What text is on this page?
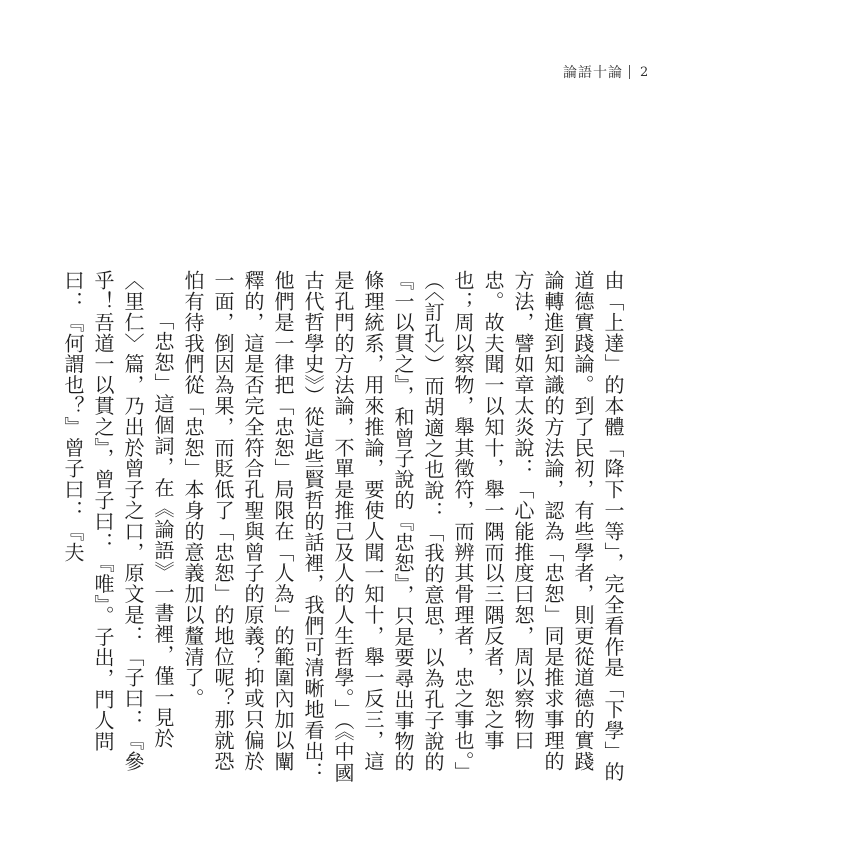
論語十論 2

由「上達」的本體「降下一等」，完全看作是「下學」的道德實踐論。到了民初，有些學者，則更從道德的實踐論轉進到知識的方法論，認為「忠恕」同是推求事理的方法，譬如章太炎說：「心能推度曰恕，周以察物曰忠。故夫聞一以知十，舉一隅而以三隅反者，恕之事也；周以察物，舉其徵符，而辨其骨理者，忠之事也。」（〈訂孔〉）而胡適之也說：「我的意思，以為孔子說的『一以貫之』，和曾子說的『忠恕』，只是要尋出事物的條理統系，用來推論，要使人聞一知十，舉一反三，這是孔門的方法論，不單是推己及人的人生哲學。」（《中國古代哲學史》）從這些賢哲的話裡，我們可清晰地看出：他們是一律把「忠恕」局限在「人為」的範圍內加以闡釋的，這是否完全符合孔聖與曾子的原義？抑或只偏於一面，倒因為果，而貶低了「忠恕」的地位呢？那就恐怕有待我們從「忠恕」本身的意義加以釐清了。

「忠恕」這個詞，在《論語》一書裡，僅一見於〈里仁〉篇，乃出於曾子之口，原文是：「子曰：『參乎！吾道一以貫之』，曾子曰：『唯』。子出，門人問曰：『何謂也？』曾子曰：『夫
